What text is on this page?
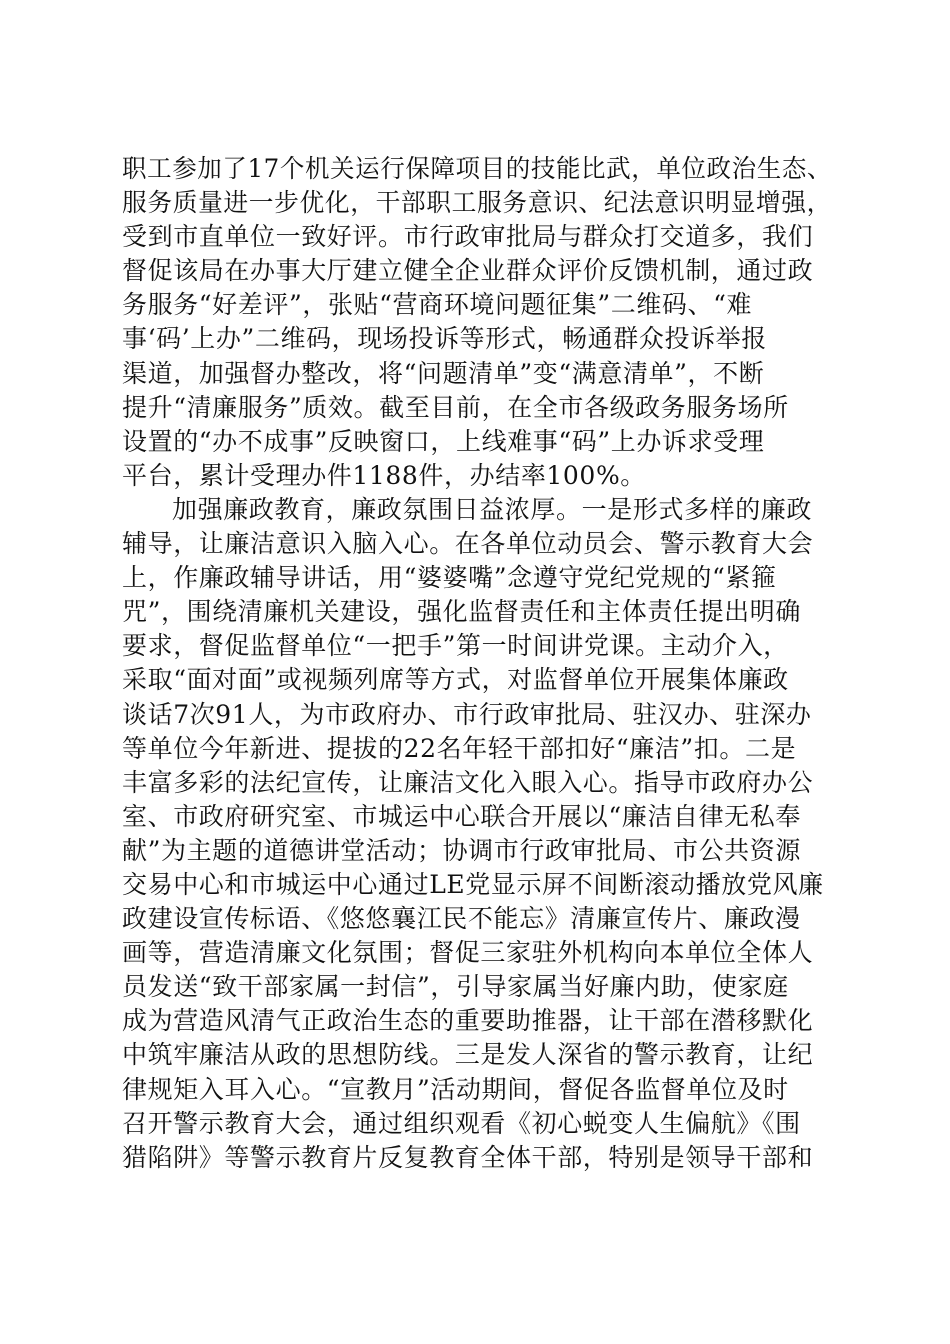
职工参加了17个机关运行保障项目的技能比武，单位政治生态、
服务质量进一步优化，干部职工服务意识、纪法意识明显增强，
受到市直单位一致好评。市行政审批局与群众打交道多，我们
督促该局在办事大厅建立健全企业群众评价反馈机制，通过政
务服务“好差评”，张贴“营商环境问题征集”二维码、“难
事‘码’上办”二维码，现场投诉等形式，畅通群众投诉举报
渠道，加强督办整改，将“问题清单”变“满意清单”，不断
提升“清廉服务”质效。截至目前，在全市各级政务服务场所
设置的“办不成事”反映窗口，上线难事“码”上办诉求受理
平台，累计受理办件1188件，办结率100%。
加强廉政教育，廉政氛围日益浓厚。一是形式多样的廉政
辅导，让廉洁意识入脑入心。在各单位动员会、警示教育大会
上，作廉政辅导讲话，用“婆婆嘴”念遵守党纪党规的“紧箍
咒”，围绕清廉机关建设，强化监督责任和主体责任提出明确
要求，督促监督单位“一把手”第一时间讲党课。主动介入，
采取“面对面”或视频列席等方式，对监督单位开展集体廉政
谈话7次91人，为市政府办、市行政审批局、驻汉办、驻深办
等单位今年新进、提拔的22名年轻干部扣好“廉洁”扣。二是
丰富多彩的法纪宣传，让廉洁文化入眼入心。指导市政府办公
室、市政府研究室、市城运中心联合开展以“廉洁自律无私奉
献”为主题的道德讲堂活动；协调市行政审批局、市公共资源
交易中心和市城运中心通过LE党显示屏不间断滚动播放党风廉
政建设宣传标语、《悠悠襄江民不能忘》清廉宣传片、廉政漫
画等，营造清廉文化氛围；督促三家驻外机构向本单位全体人
员发送“致干部家属一封信”，引导家属当好廉内助，使家庭
成为营造风清气正政治生态的重要助推器，让干部在潜移默化
中筑牢廉洁从政的思想防线。三是发人深省的警示教育，让纪
律规矩入耳入心。“宣教月”活动期间，督促各监督单位及时
召开警示教育大会，通过组织观看《初心蜕变人生偏航》《围
猎陷阱》等警示教育片反复教育全体干部，特别是领导干部和
